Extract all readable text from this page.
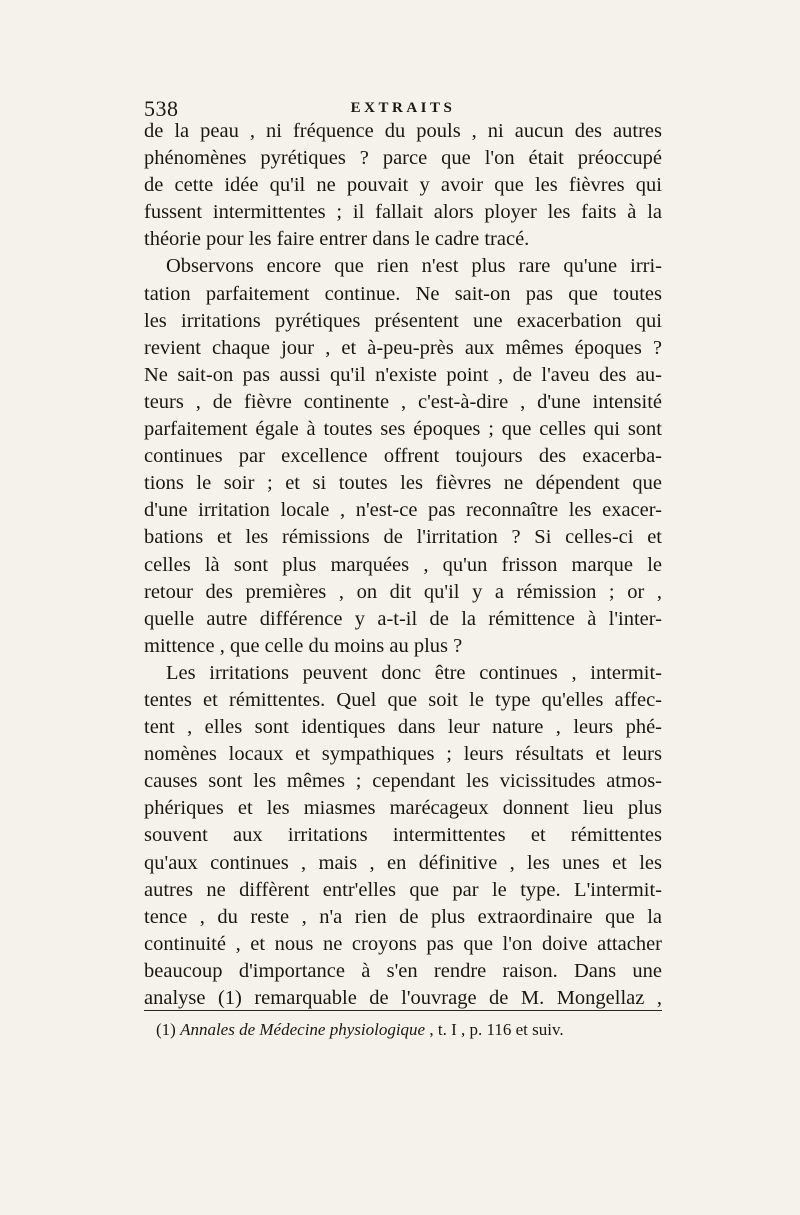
538	EXTRAITS
de la peau , ni fréquence du pouls , ni aucun des autres
phénomènes pyrétiques ? parce que l'on était préoccupé
de cette idée qu'il ne pouvait y avoir que les fièvres qui
fussent intermittentes ; il fallait alors ployer les faits à la
théorie pour les faire entrer dans le cadre tracé.
Observons encore que rien n'est plus rare qu'une irri-
tation parfaitement continue. Ne sait-on pas que toutes
les irritations pyrétiques présentent une exacerbation qui
revient chaque jour , et à-peu-près aux mêmes époques ?
Ne sait-on pas aussi qu'il n'existe point , de l'aveu des au-
teurs , de fièvre continente , c'est-à-dire , d'une intensité
parfaitement égale à toutes ses époques ; que celles qui sont
continues par excellence offrent toujours des exacerba-
tions le soir ; et si toutes les fièvres ne dépendent que
d'une irritation locale , n'est-ce pas reconnaître les exacer-
bations et les rémissions de l'irritation ? Si celles-ci et
celles là sont plus marquées , qu'un frisson marque le
retour des premières , on dit qu'il y a rémission ; or ,
quelle autre différence y a-t-il de la rémittence à l'inter-
mittence , que celle du moins au plus ?
Les irritations peuvent donc être continues , intermit-
tentes et rémittentes. Quel que soit le type qu'elles affec-
tent , elles sont identiques dans leur nature , leurs phé-
nomènes locaux et sympathiques ; leurs résultats et leurs
causes sont les mêmes ; cependant les vicissitudes atmos-
phériques et les miasmes marécageux donnent lieu plus
souvent aux irritations intermittentes et rémittentes
qu'aux continues , mais , en définitive , les unes et les
autres ne diffèrent entr'elles que par le type. L'intermit-
tence , du reste , n'a rien de plus extraordinaire que la
continuité , et nous ne croyons pas que l'on doive attacher
beaucoup d'importance à s'en rendre raison. Dans une
analyse (1) remarquable de l'ouvrage de M. Mongellaz ,
(1) Annales de Médecine physiologique , t. I , p. 116 et suiv.
